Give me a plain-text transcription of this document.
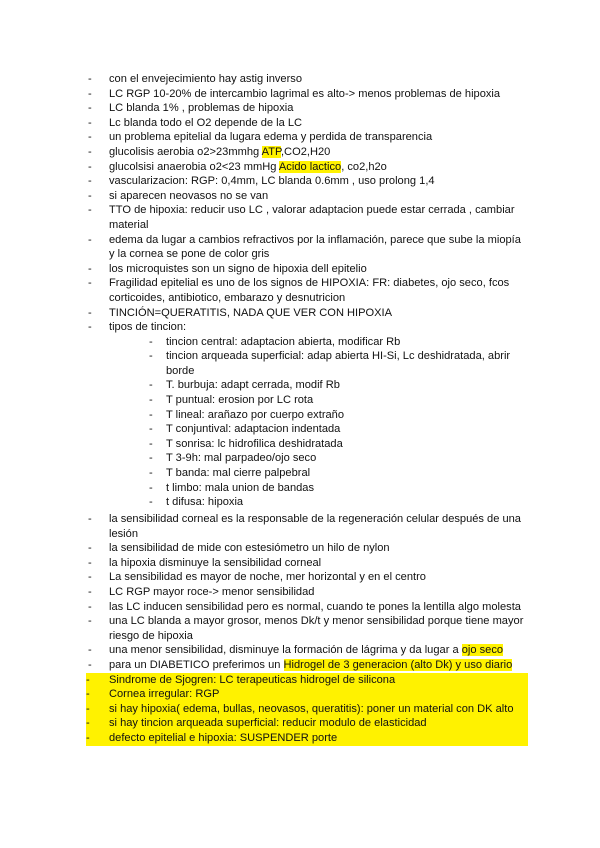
- con el envejecimiento hay astig inverso
- LC RGP 10-20% de intercambio lagrimal es alto-> menos problemas de hipoxia
- LC blanda 1% , problemas de hipoxia
- Lc blanda todo el O2 depende de la LC
- un problema epitelial da lugara edema y perdida de transparencia
- glucolisis aerobia o2>23mmhg ATP,CO2,H20
- glucolsisi anaerobia o2<23 mmHg Acido lactico, co2,h2o
- vascularizacion: RGP: 0,4mm, LC blanda 0.6mm , uso prolong 1,4
- si aparecen neovasos no se van
- TTO de hipoxia: reducir uso LC , valorar adaptacion puede estar cerrada , cambiar material
- edema da lugar a cambios refractivos por la inflamación, parece que sube la miopía y la cornea se pone de color gris
- los microquistes son un signo de hipoxia dell epitelio
- Fragilidad epitelial es uno de los signos de HIPOXIA: FR: diabetes, ojo seco, fcos corticoides, antibiotico, embarazo y desnutricion
- TINCIÓN=QUERATITIS, NADA QUE VER CON HIPOXIA
- tipos de tincion:
- tincion central: adaptacion abierta, modificar Rb
- tincion arqueada superficial: adap abierta HI-Si, Lc deshidratada, abrir borde
- T. burbuja: adapt cerrada, modif Rb
- T puntual: erosion por LC rota
- T lineal: arañazo por cuerpo extraño
- T conjuntival: adaptacion indentada
- T sonrisa: lc hidrofilica deshidratada
- T 3-9h: mal parpadeo/ojo seco
- T banda: mal cierre palpebral
- t limbo: mala union de bandas
- t difusa: hipoxia
- la sensibilidad corneal es la responsable de la regeneración celular después de una lesión
- la sensibilidad de mide con estesiómetro un hilo de nylon
- la hipoxia disminuye la sensibilidad corneal
- La sensibilidad es mayor de noche, mer horizontal y en el centro
- LC RGP mayor roce-> menor sensibilidad
- las LC inducen sensibilidad pero es normal, cuando te pones la lentilla algo molesta
- una LC blanda a mayor grosor, menos Dk/t y menor sensibilidad porque tiene mayor riesgo de hipoxia
- una menor sensibilidad, disminuye la formación de lágrima y da lugar a ojo seco
- para un DIABETICO preferimos un Hidrogel de 3 generacion (alto Dk) y uso diario
- Sindrome de Sjogren: LC terapeuticas hidrogel de silicona
- Cornea irregular: RGP
- si hay hipoxia( edema, bullas, neovasos, queratitis): poner un material con DK alto
- si hay tincion arqueada superficial: reducir modulo de elasticidad
- defecto epitelial e hipoxia: SUSPENDER porte
